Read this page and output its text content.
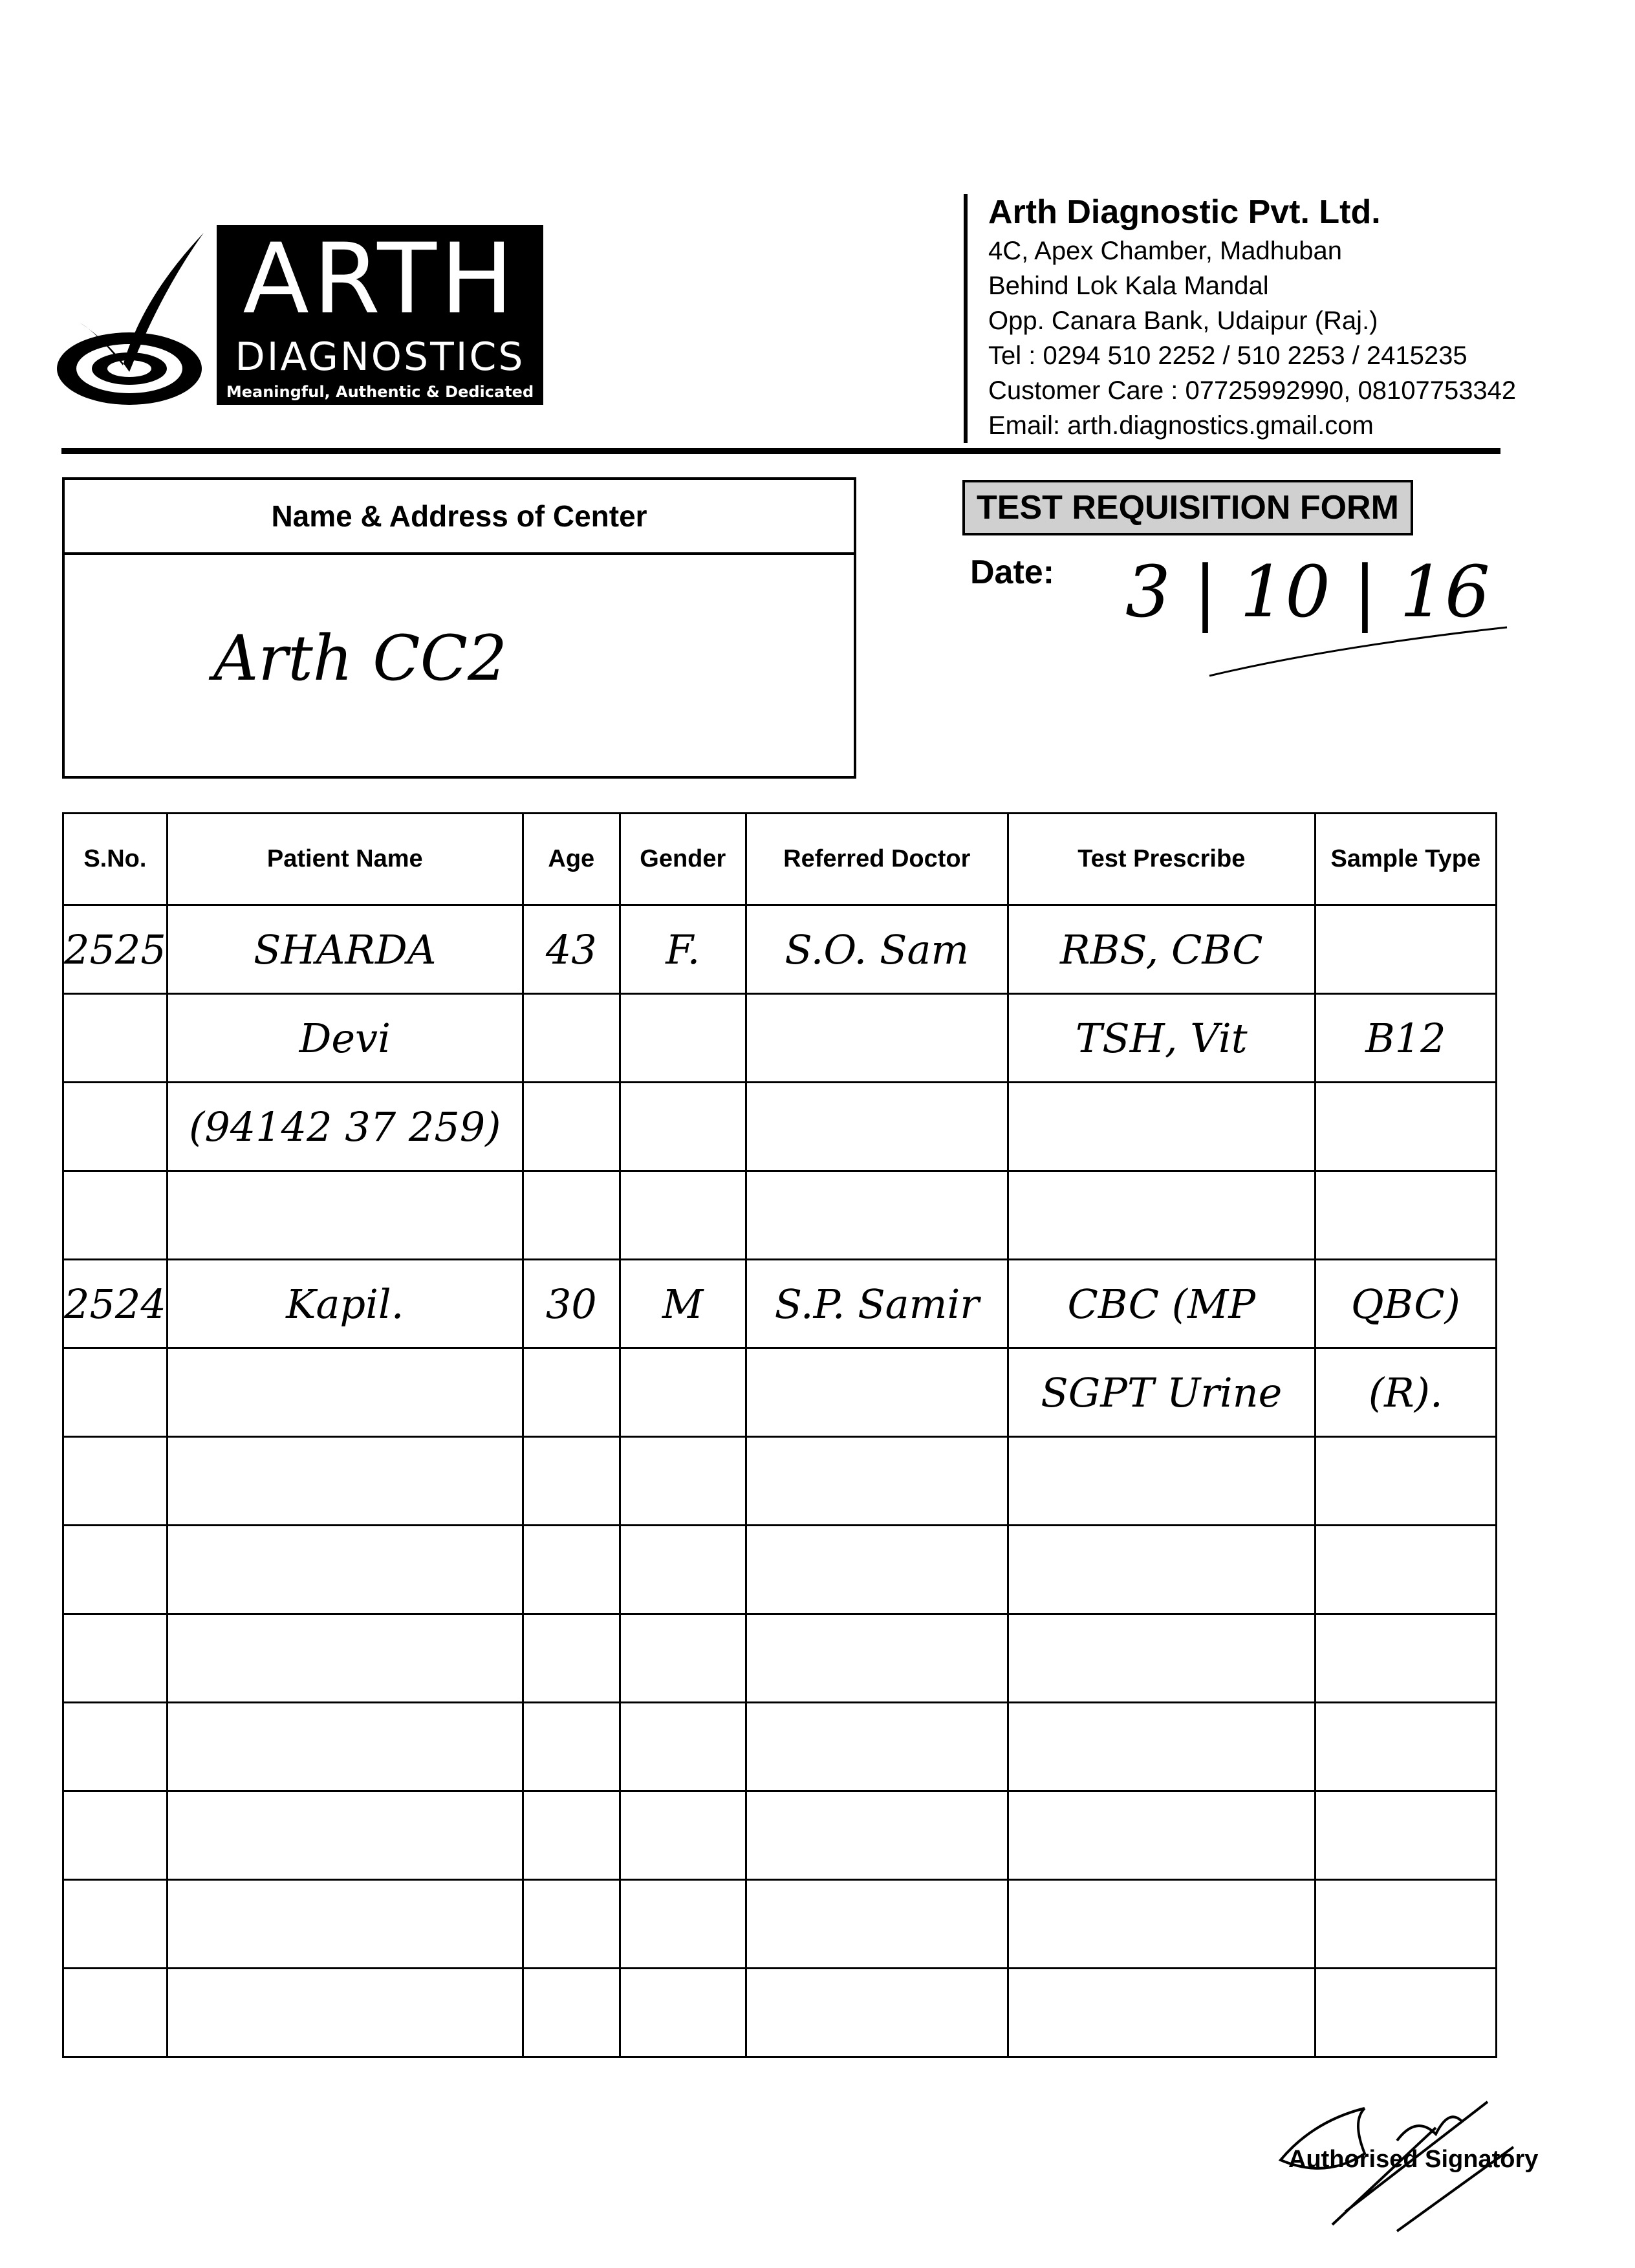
ARTH
DIAGNOSTICS
Meaningful, Authentic & Dedicated
Arth Diagnostic Pvt. Ltd.
4C, Apex Chamber, Madhuban
Behind Lok Kala Mandal
Opp. Canara Bank, Udaipur (Raj.)
Tel : 0294 510 2252 / 510 2253 / 2415235
Customer Care : 07725992990, 08107753342
Email: arth.diagnostics.gmail.com
Name & Address of Center
Arth CC2
TEST REQUISITION FORM
Date: 3 | 10 | 16
S.No.	Patient Name	Age	Gender	Referred Doctor	Test Prescribe	Sample Type
2525	SHARDA	43	F.	S.O. Sam	RBS, CBC	
	Devi				TSH, Vit	B12
	(94142 37 259)					

2524	Kapil.	30	M	S.P. Samir	CBC (MP	QBC)
					SGPT Urine	(R).

Authorised Signatory
